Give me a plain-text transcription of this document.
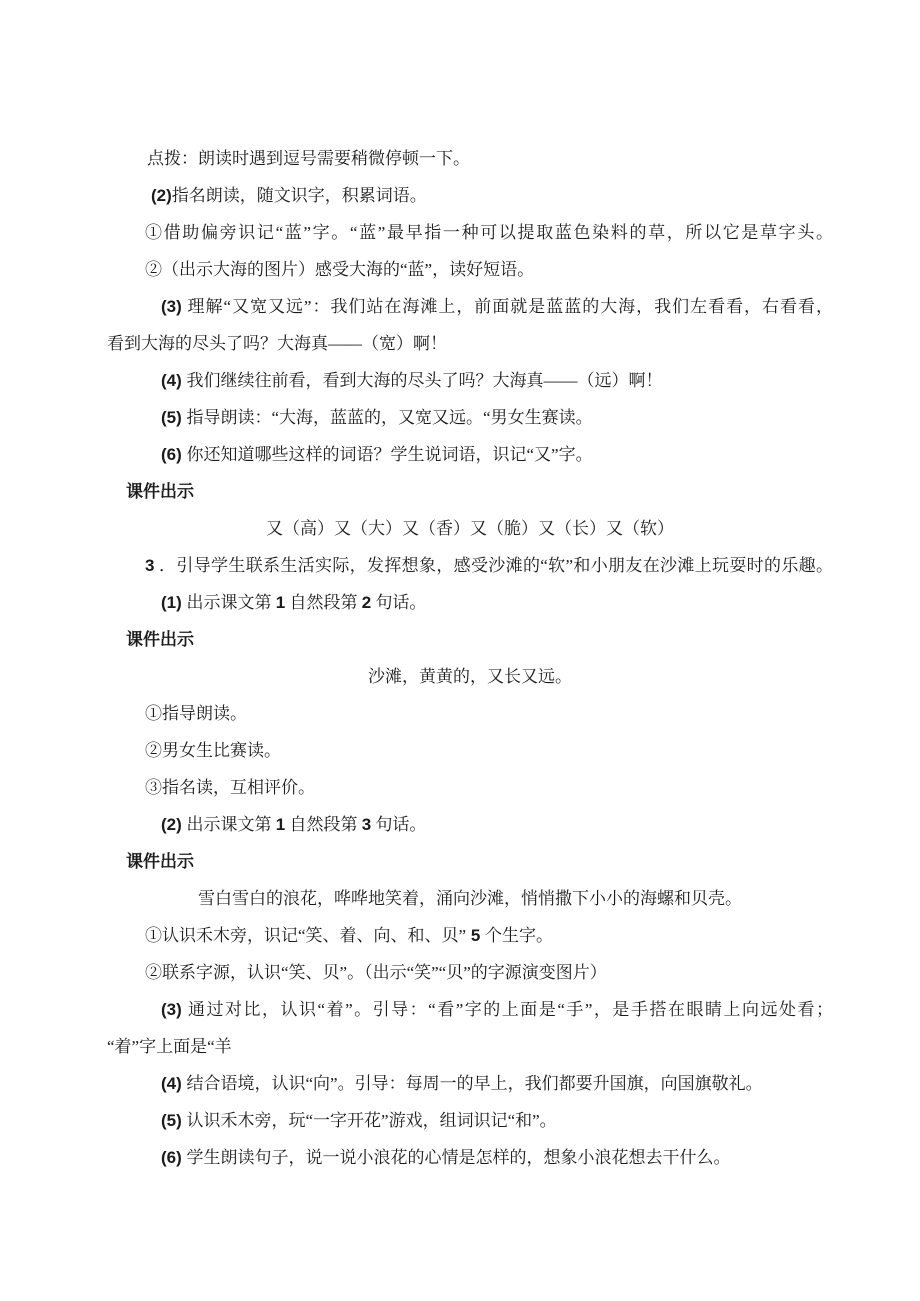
点拨：朗读时遇到逗号需要稍微停顿一下。

(2)指名朗读，随文识字，积累词语。

①借助偏旁识记“蓝”字。“蓝”最早指一种可以提取蓝色染料的草，所以它是草字头。

②（出示大海的图片）感受大海的“蓝”，读好短语。

(3) 理解“又宽又远”：我们站在海滩上，前面就是蓝蓝的大海，我们左看看，右看看，

看到大海的尽头了吗？大海真——（宽）啊！

(4) 我们继续往前看，看到大海的尽头了吗？大海真——（远）啊！

(5) 指导朗读：“大海，蓝蓝的，又宽又远。“男女生赛读。

(6) 你还知道哪些这样的词语？学生说词语，识记“又”字。

课件出示

又（高）又（大）又（香）又（脆）又（长）又（软）

3 ．引导学生联系生活实际，发挥想象，感受沙滩的“软”和小朋友在沙滩上玩耍时的乐趣。

(1) 出示课文第 1 自然段第 2 句话。

课件出示

沙滩，黄黄的，又长又远。

①指导朗读。

②男女生比赛读。

③指名读，互相评价。

(2) 出示课文第 1 自然段第 3 句话。

课件出示

雪白雪白的浪花，哗哗地笑着，涌向沙滩，悄悄撒下小小的海螺和贝壳。

①认识禾木旁，识记“笑、着、向、和、贝” 5 个生字。

②联系字源，认识“笑、贝”。（出示“笑”“贝”的字源演变图片）

(3) 通过对比，认识“着”。引导：“看”字的上面是“手”，是手搭在眼睛上向远处看；

“着”字上面是“羊

(4) 结合语境，认识“向”。引导：每周一的早上，我们都要升国旗，向国旗敬礼。

(5) 认识禾木旁，玩“一字开花”游戏，组词识记“和”。

(6) 学生朗读句子，说一说小浪花的心情是怎样的，想象小浪花想去干什么。
